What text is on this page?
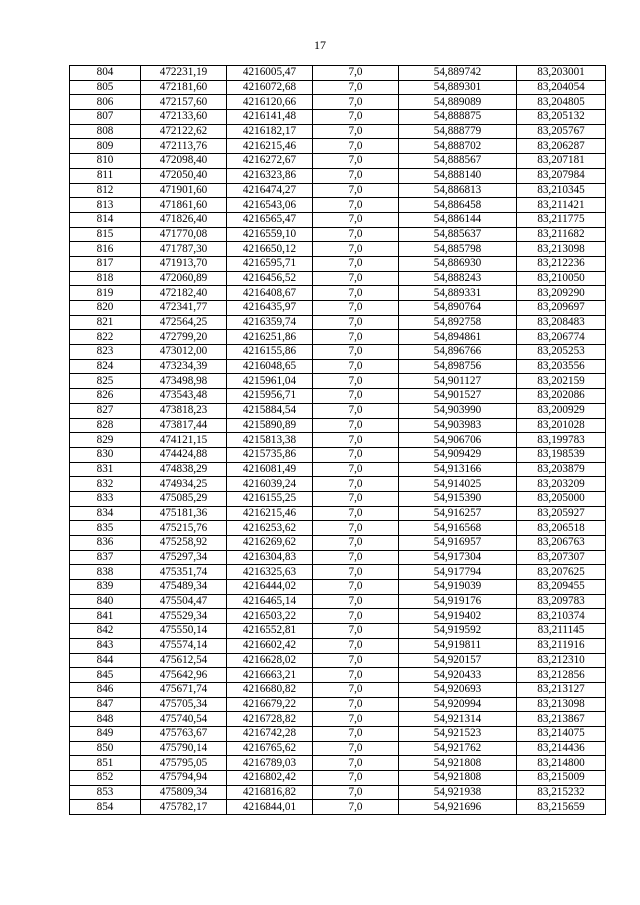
17
804	472231,19	4216005,47	7,0	54,889742	83,203001
805	472181,60	4216072,68	7,0	54,889301	83,204054
806	472157,60	4216120,66	7,0	54,889089	83,204805
807	472133,60	4216141,48	7,0	54,888875	83,205132
808	472122,62	4216182,17	7,0	54,888779	83,205767
809	472113,76	4216215,46	7,0	54,888702	83,206287
810	472098,40	4216272,67	7,0	54,888567	83,207181
811	472050,40	4216323,86	7,0	54,888140	83,207984
812	471901,60	4216474,27	7,0	54,886813	83,210345
813	471861,60	4216543,06	7,0	54,886458	83,211421
814	471826,40	4216565,47	7,0	54,886144	83,211775
815	471770,08	4216559,10	7,0	54,885637	83,211682
816	471787,30	4216650,12	7,0	54,885798	83,213098
817	471913,70	4216595,71	7,0	54,886930	83,212236
818	472060,89	4216456,52	7,0	54,888243	83,210050
819	472182,40	4216408,67	7,0	54,889331	83,209290
820	472341,77	4216435,97	7,0	54,890764	83,209697
821	472564,25	4216359,74	7,0	54,892758	83,208483
822	472799,20	4216251,86	7,0	54,894861	83,206774
823	473012,00	4216155,86	7,0	54,896766	83,205253
824	473234,39	4216048,65	7,0	54,898756	83,203556
825	473498,98	4215961,04	7,0	54,901127	83,202159
826	473543,48	4215956,71	7,0	54,901527	83,202086
827	473818,23	4215884,54	7,0	54,903990	83,200929
828	473817,44	4215890,89	7,0	54,903983	83,201028
829	474121,15	4215813,38	7,0	54,906706	83,199783
830	474424,88	4215735,86	7,0	54,909429	83,198539
831	474838,29	4216081,49	7,0	54,913166	83,203879
832	474934,25	4216039,24	7,0	54,914025	83,203209
833	475085,29	4216155,25	7,0	54,915390	83,205000
834	475181,36	4216215,46	7,0	54,916257	83,205927
835	475215,76	4216253,62	7,0	54,916568	83,206518
836	475258,92	4216269,62	7,0	54,916957	83,206763
837	475297,34	4216304,83	7,0	54,917304	83,207307
838	475351,74	4216325,63	7,0	54,917794	83,207625
839	475489,34	4216444,02	7,0	54,919039	83,209455
840	475504,47	4216465,14	7,0	54,919176	83,209783
841	475529,34	4216503,22	7,0	54,919402	83,210374
842	475550,14	4216552,81	7,0	54,919592	83,211145
843	475574,14	4216602,42	7,0	54,919811	83,211916
844	475612,54	4216628,02	7,0	54,920157	83,212310
845	475642,96	4216663,21	7,0	54,920433	83,212856
846	475671,74	4216680,82	7,0	54,920693	83,213127
847	475705,34	4216679,22	7,0	54,920994	83,213098
848	475740,54	4216728,82	7,0	54,921314	83,213867
849	475763,67	4216742,28	7,0	54,921523	83,214075
850	475790,14	4216765,62	7,0	54,921762	83,214436
851	475795,05	4216789,03	7,0	54,921808	83,214800
852	475794,94	4216802,42	7,0	54,921808	83,215009
853	475809,34	4216816,82	7,0	54,921938	83,215232
854	475782,17	4216844,01	7,0	54,921696	83,215659
